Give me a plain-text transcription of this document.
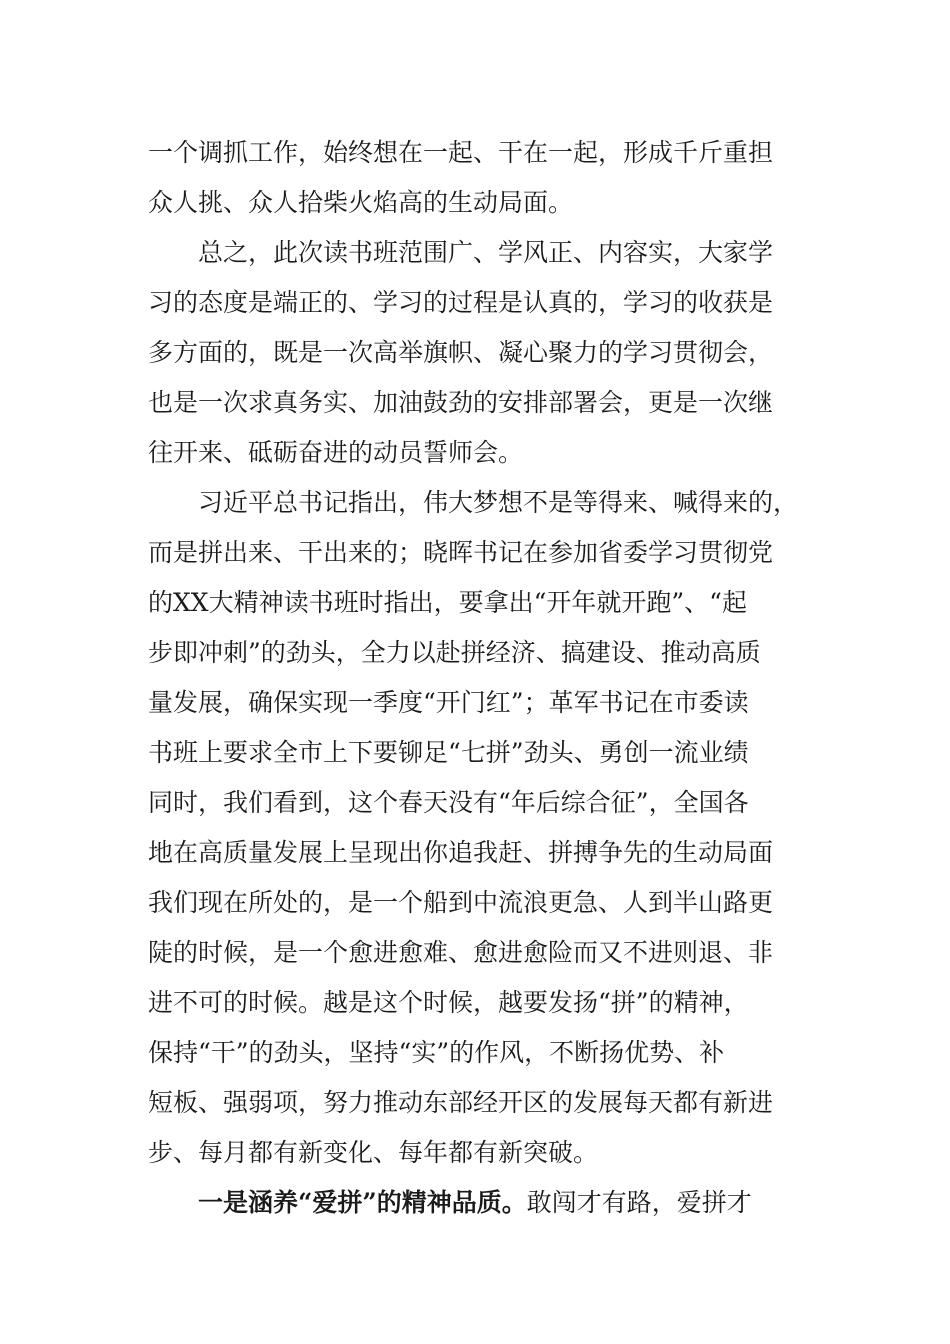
一个调抓工作，始终想在一起、干在一起，形成千斤重担
众人挑、众人拾柴火焰高的生动局面。
总之，此次读书班范围广、学风正、内容实，大家学
习的态度是端正的、学习的过程是认真的，学习的收获是
多方面的，既是一次高举旗帜、凝心聚力的学习贯彻会，
也是一次求真务实、加油鼓劲的安排部署会，更是一次继
往开来、砥砺奋进的动员誓师会。
习近平总书记指出，伟大梦想不是等得来、喊得来的，
而是拼出来、干出来的；晓晖书记在参加省委学习贯彻党
的XX大精神读书班时指出，要拿出“开年就开跑”、“起
步即冲刺”的劲头，全力以赴拼经济、搞建设、推动高质
量发展，确保实现一季度“开门红”；革军书记在市委读
书班上要求全市上下要铆足“七拼”劲头、勇创一流业绩
同时，我们看到，这个春天没有“年后综合征”，全国各
地在高质量发展上呈现出你追我赶、拼搏争先的生动局面
我们现在所处的，是一个船到中流浪更急、人到半山路更
陡的时候，是一个愈进愈难、愈进愈险而又不进则退、非
进不可的时候。越是这个时候，越要发扬“拼”的精神，
保持“干”的劲头，坚持“实”的作风，不断扬优势、补
短板、强弱项，努力推动东部经开区的发展每天都有新进
步、每月都有新变化、每年都有新突破。
一是涵养“爱拼”的精神品质。敢闯才有路，爱拼才
